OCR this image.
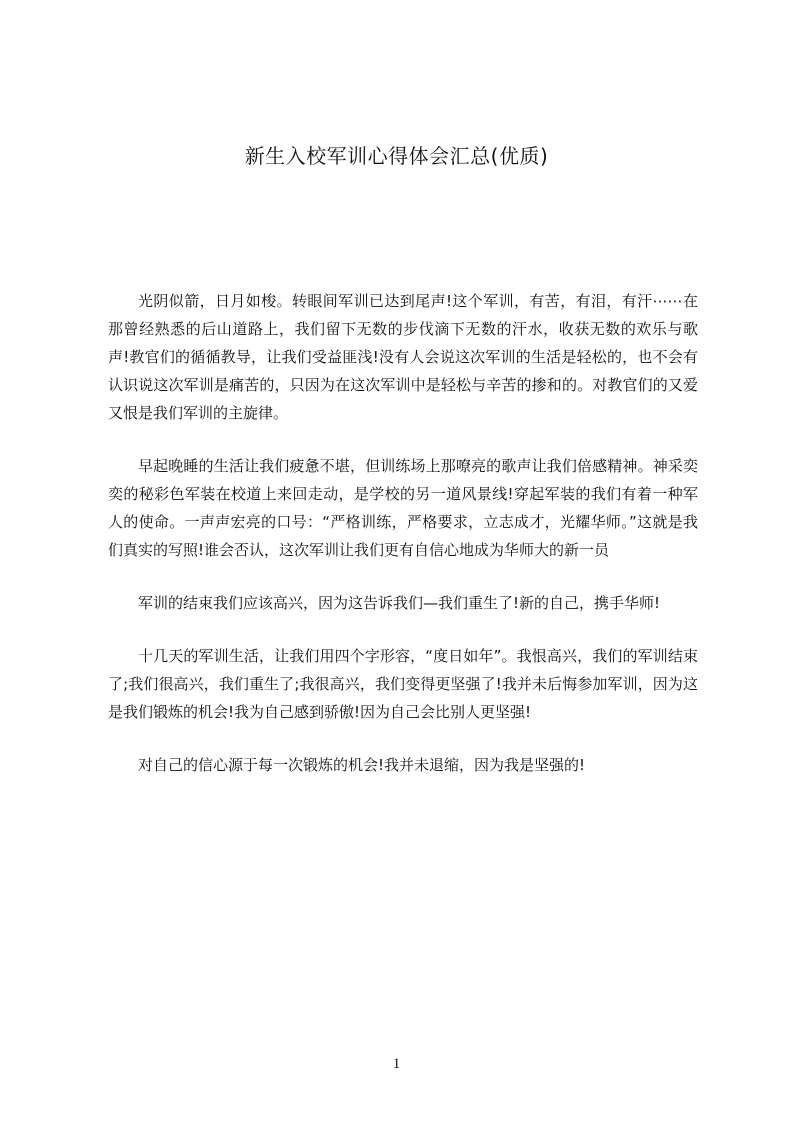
新生入校军训心得体会汇总(优质)

光阴似箭，日月如梭。转眼间军训已达到尾声!这个军训，有苦，有泪，有汗⋯⋯在那曾经熟悉的后山道路上，我们留下无数的步伐滴下无数的汗水，收获无数的欢乐与歌声!教官们的循循教导，让我们受益匪浅!没有人会说这次军训的生活是轻松的，也不会有认识说这次军训是痛苦的，只因为在这次军训中是轻松与辛苦的掺和的。对教官们的又爱又恨是我们军训的主旋律。

早起晚睡的生活让我们疲惫不堪，但训练场上那嘹亮的歌声让我们倍感精神。神采奕奕的秘彩色军装在校道上来回走动，是学校的另一道风景线!穿起军装的我们有着一种军人的使命。一声声宏亮的口号：“严格训练，严格要求，立志成才，光耀华师。”这就是我们真实的写照!谁会否认，这次军训让我们更有自信心地成为华师大的新一员

军训的结束我们应该高兴，因为这告诉我们—我们重生了!新的自己，携手华师!

十几天的军训生活，让我们用四个字形容，“度日如年”。我恨高兴，我们的军训结束了;我们很高兴，我们重生了;我很高兴，我们变得更坚强了!我并未后悔参加军训，因为这是我们锻炼的机会!我为自己感到骄傲!因为自己会比别人更坚强!

对自己的信心源于每一次锻炼的机会!我并未退缩，因为我是坚强的!

1
